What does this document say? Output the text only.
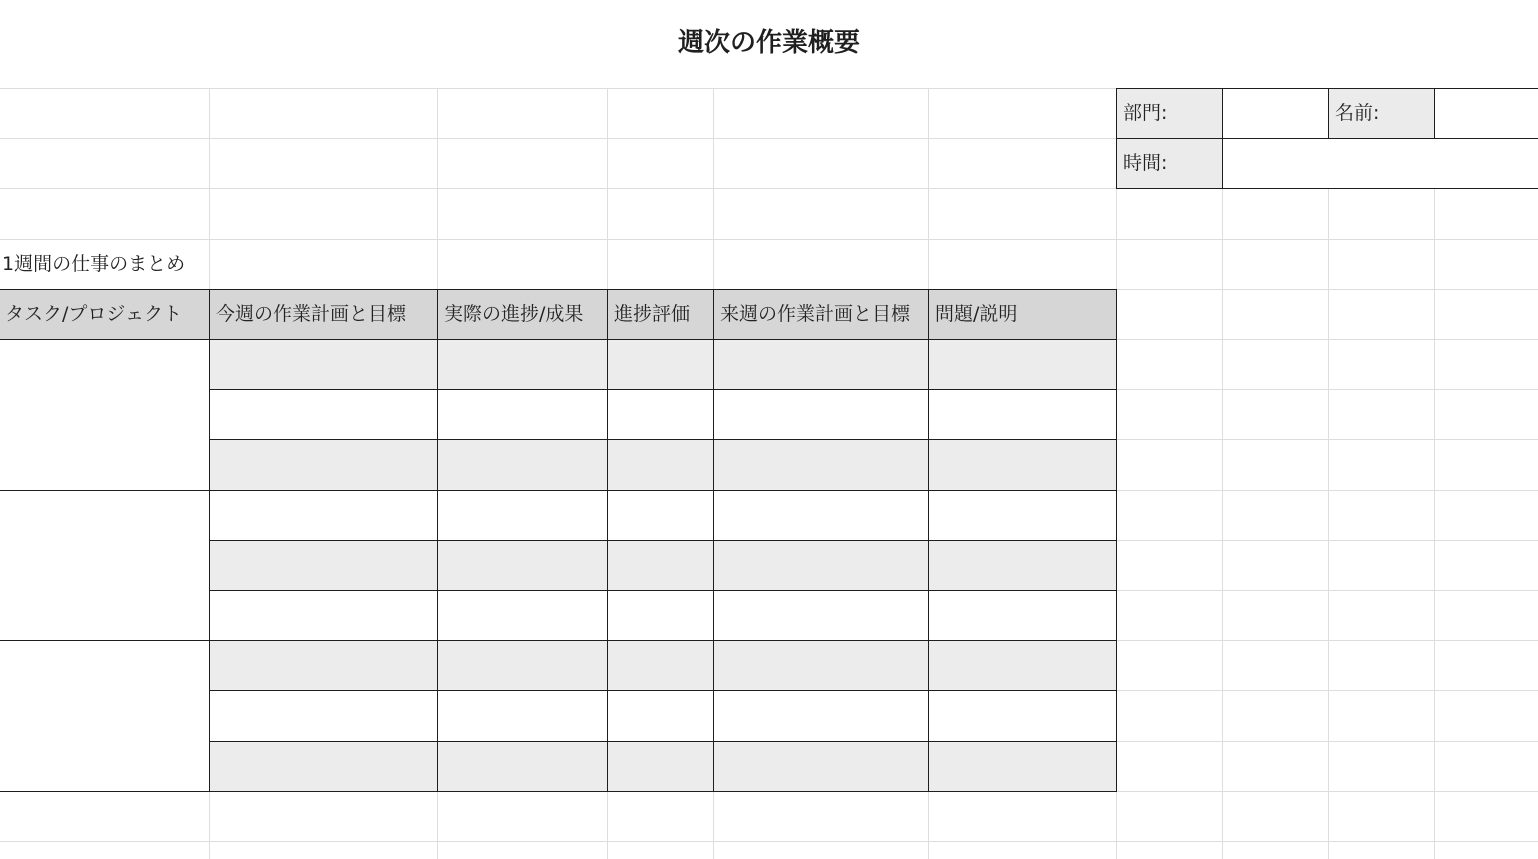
週次の作業概要
1週間の仕事のまとめ
部門:	名前:
時間:
タスク/プロジェクト	今週の作業計画と目標	実際の進捗/成果	進捗評価	来週の作業計画と目標	問題/説明
